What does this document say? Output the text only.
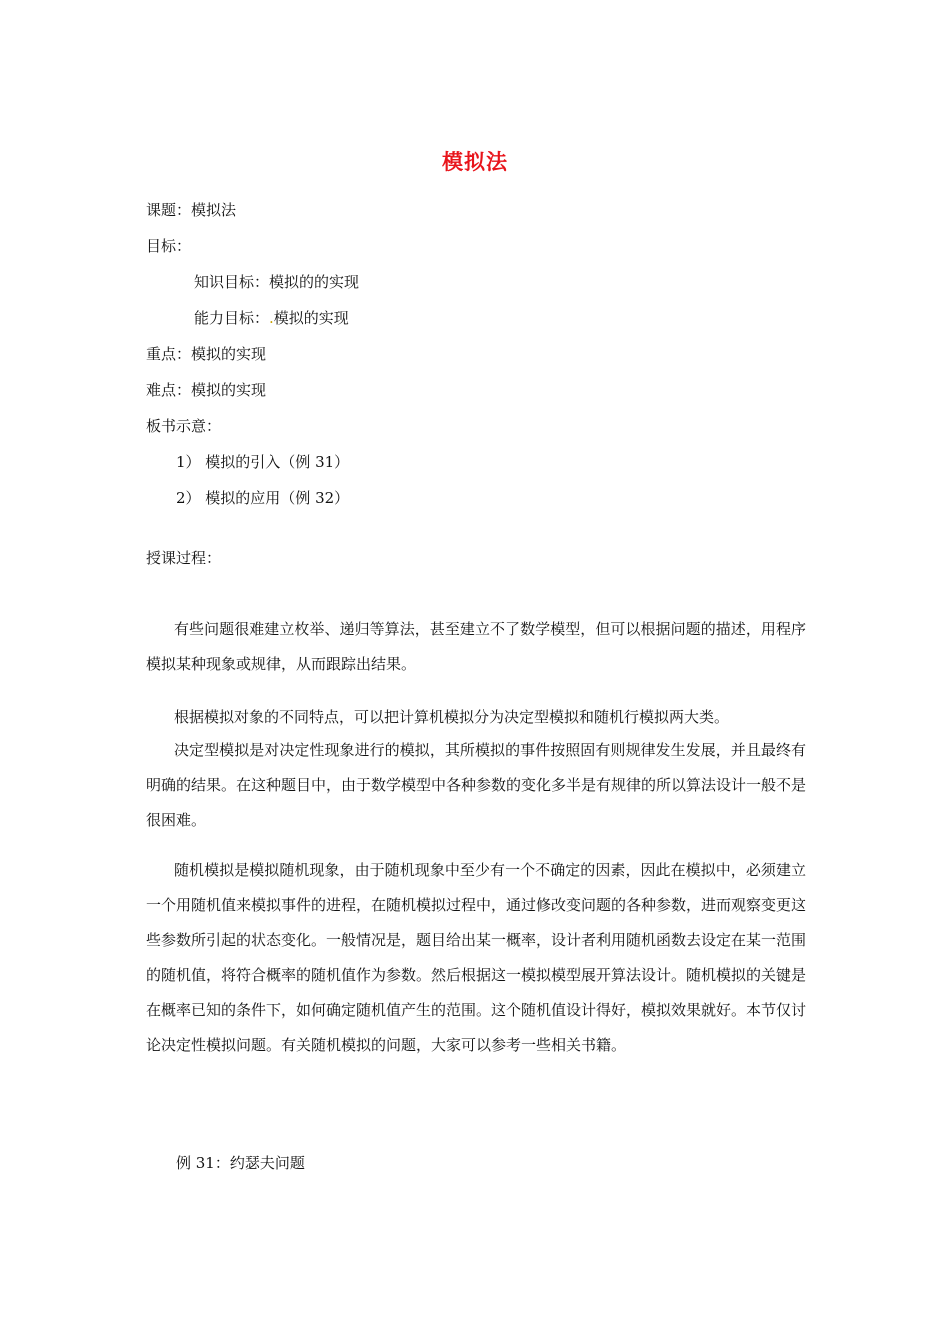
模拟法
课题：模拟法
目标：
知识目标：模拟的的实现
能力目标：.模拟的实现
重点：模拟的实现
难点：模拟的实现
板书示意：
1） 模拟的引入（例 31）
2） 模拟的应用（例 32）
授课过程：
有些问题很难建立枚举、递归等算法，甚至建立不了数学模型，但可以根据问题的描述，用程序模拟某种现象或规律，从而跟踪出结果。
根据模拟对象的不同特点，可以把计算机模拟分为决定型模拟和随机行模拟两大类。
决定型模拟是对决定性现象进行的模拟，其所模拟的事件按照固有则规律发生发展，并且最终有明确的结果。在这种题目中，由于数学模型中各种参数的变化多半是有规律的所以算法设计一般不是很困难。
随机模拟是模拟随机现象，由于随机现象中至少有一个不确定的因素，因此在模拟中，必须建立一个用随机值来模拟事件的进程，在随机模拟过程中，通过修改变问题的各种参数，进而观察变更这些参数所引起的状态变化。一般情况是，题目给出某一概率，设计者利用随机函数去设定在某一范围的随机值，将符合概率的随机值作为参数。然后根据这一模拟模型展开算法设计。随机模拟的关键是在概率已知的条件下，如何确定随机值产生的范围。这个随机值设计得好，模拟效果就好。本节仅讨论决定性模拟问题。有关随机模拟的问题，大家可以参考一些相关书籍。
例 31：约瑟夫问题
